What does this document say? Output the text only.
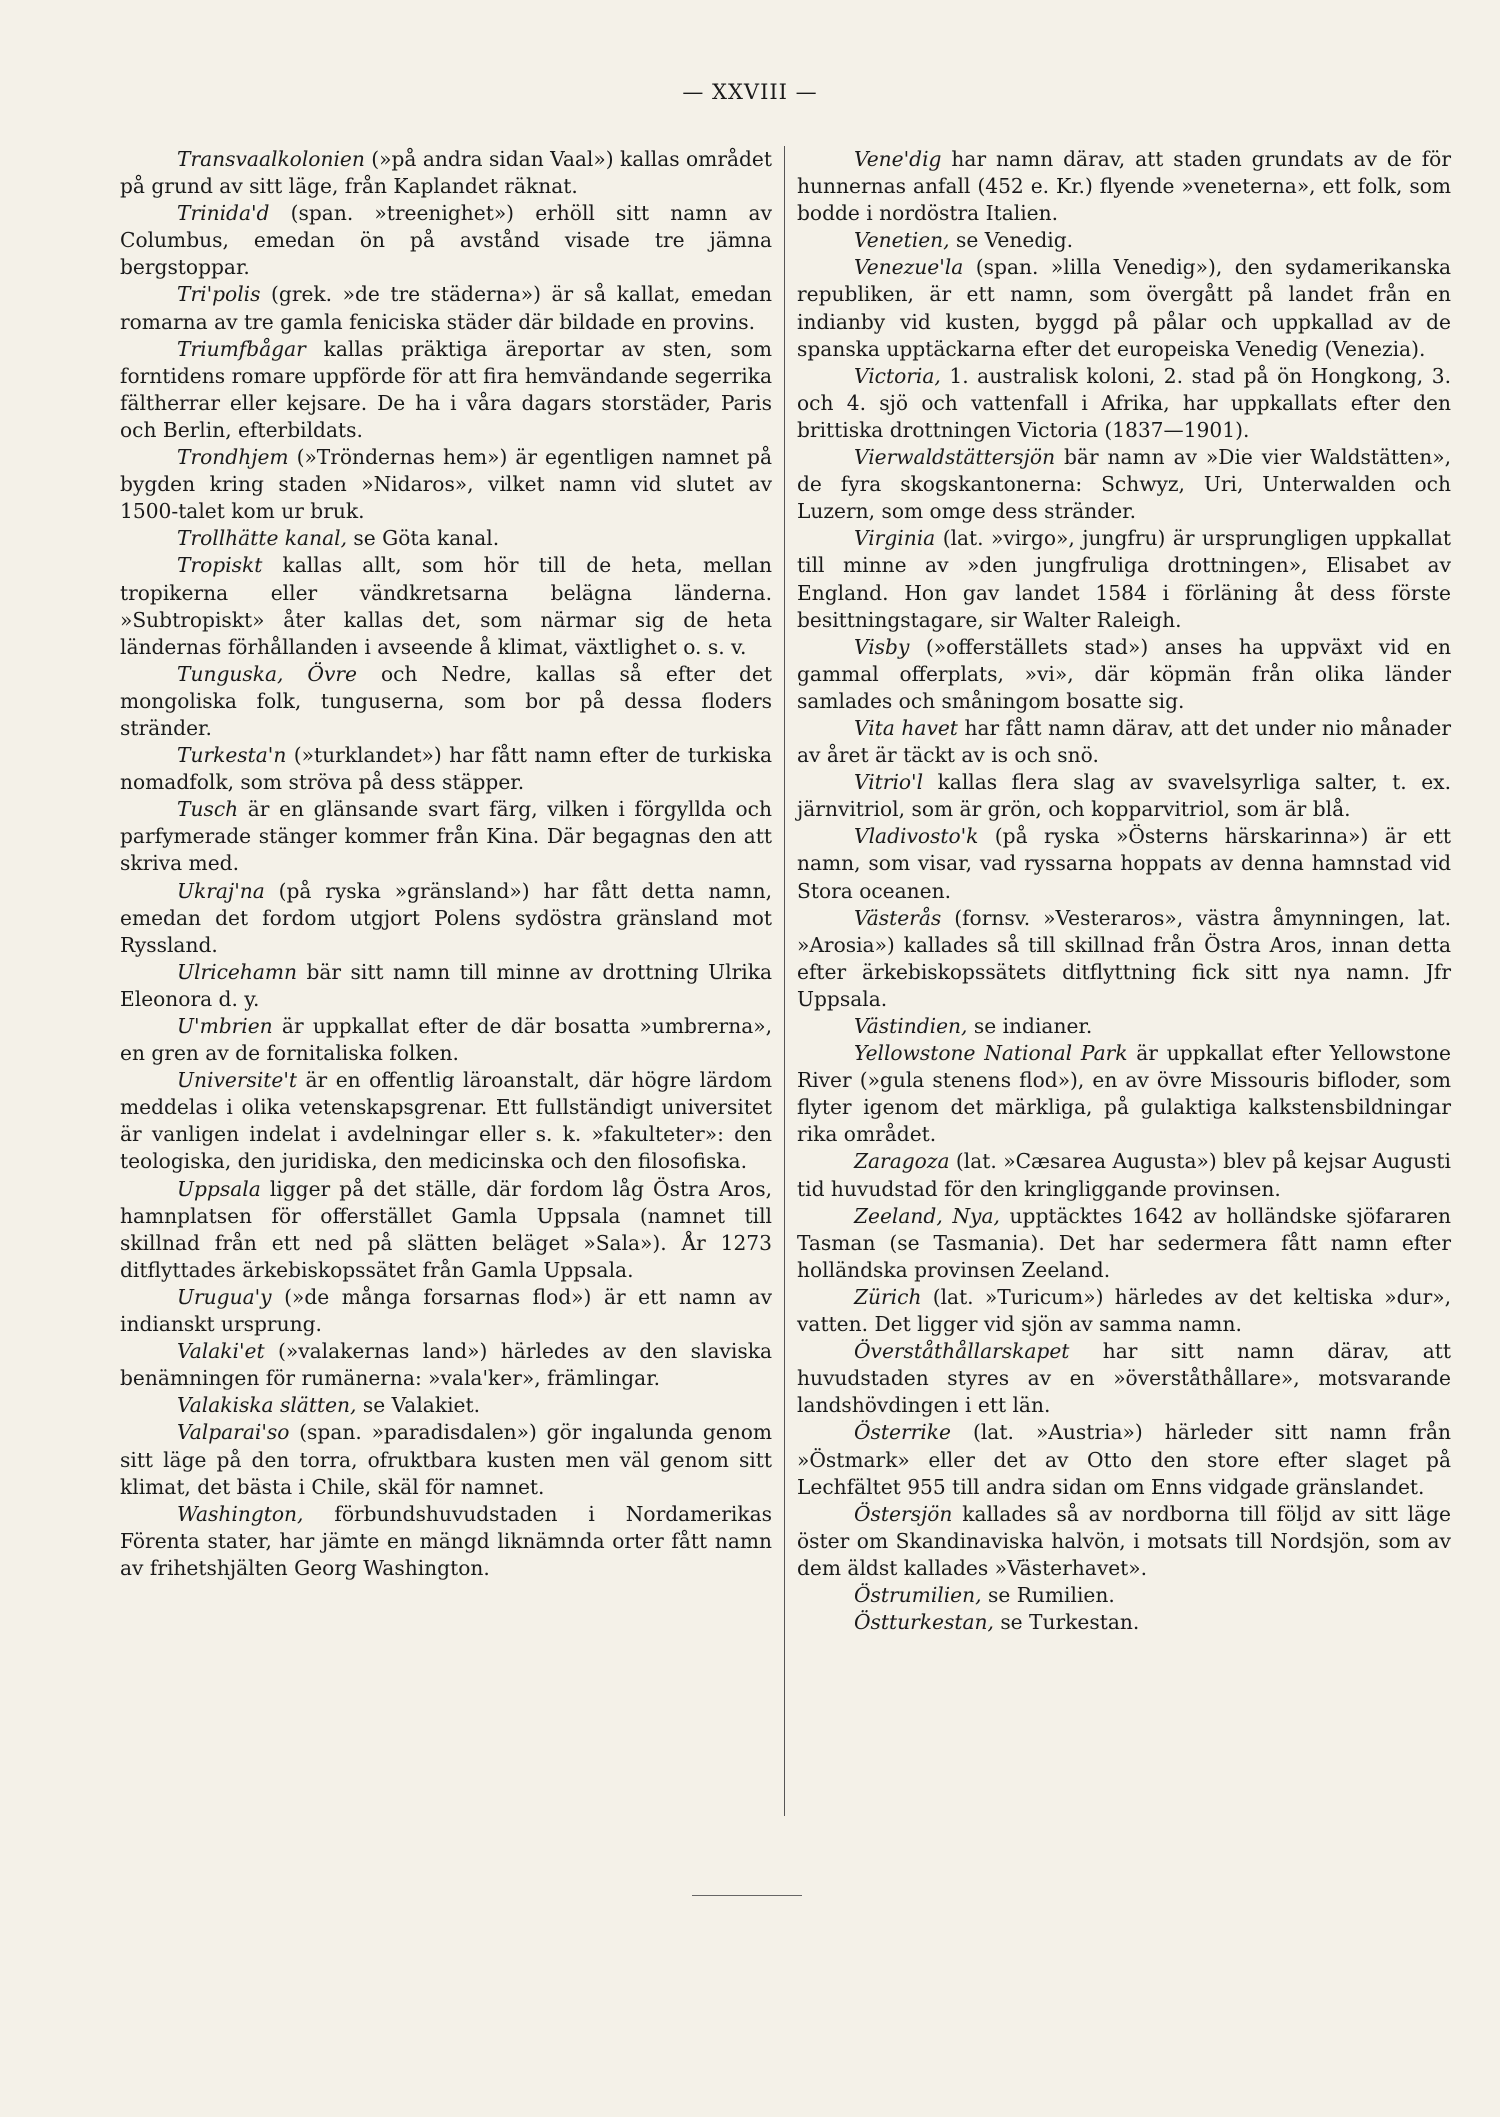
— XXVIII —

Transvaalkolonien (»på andra sidan Vaal») kallas området på grund av sitt läge, från Kaplandet räknat.

Trinida'd (span. »treenighet») erhöll sitt namn av Columbus, emedan ön på avstånd visade tre jämna bergstoppar.

Tri'polis (grek. »de tre städerna») är så kallat, emedan romarna av tre gamla feniciska städer där bildade en provins.

Triumfbågar kallas präktiga äreportar av sten, som forntidens romare uppförde för att fira hemvändande segerrika fältherrar eller kejsare. De ha i våra dagars storstäder, Paris och Berlin, efterbildats.

Trondhjem (»Tröndernas hem») är egentligen namnet på bygden kring staden »Nidaros», vilket namn vid slutet av 1500-talet kom ur bruk.

Trollhätte kanal, se Göta kanal.

Tropiskt kallas allt, som hör till de heta, mellan tropikerna eller vändkretsarna belägna länderna. »Subtropiskt» åter kallas det, som närmar sig de heta ländernas förhållanden i avseende å klimat, växtlighet o. s. v.

Tunguska, Övre och Nedre, kallas så efter det mongoliska folk, tunguserna, som bor på dessa floders stränder.

Turkesta'n (»turklandet») har fått namn efter de turkiska nomadfolk, som ströva på dess stäpper.

Tusch är en glänsande svart färg, vilken i förgyllda och parfymerade stänger kommer från Kina. Där begagnas den att skriva med.

Ukraj'na (på ryska »gränsland») har fått detta namn, emedan det fordom utgjort Polens sydöstra gränsland mot Ryssland.

Ulricehamn bär sitt namn till minne av drottning Ulrika Eleonora d. y.

U'mbrien är uppkallat efter de där bosatta »umbrerna», en gren av de fornitaliska folken.

Universite't är en offentlig läroanstalt, där högre lärdom meddelas i olika vetenskapsgrenar. Ett fullständigt universitet är vanligen indelat i avdelningar eller s. k. »fakulteter»: den teologiska, den juridiska, den medicinska och den filosofiska.

Uppsala ligger på det ställe, där fordom låg Östra Aros, hamnplatsen för offerstället Gamla Uppsala (namnet till skillnad från ett ned på slätten beläget »Sala»). År 1273 ditflyttades ärkebiskopssätet från Gamla Uppsala.

Urugua'y (»de många forsarnas flod») är ett namn av indianskt ursprung.

Valaki'et (»valakernas land») härledes av den slaviska benämningen för rumänerna: »vala'ker», främlingar.

Valakiska slätten, se Valakiet.

Valparai'so (span. »paradisdalen») gör ingalunda genom sitt läge på den torra, ofruktbara kusten men väl genom sitt klimat, det bästa i Chile, skäl för namnet.

Washington, förbundshuvudstaden i Nordamerikas Förenta stater, har jämte en mängd liknämnda orter fått namn av frihetshjälten Georg Washington.

Vene'dig har namn därav, att staden grundats av de för hunnernas anfall (452 e. Kr.) flyende »veneterna», ett folk, som bodde i nordöstra Italien.

Venetien, se Venedig.

Venezue'la (span. »lilla Venedig»), den sydamerikanska republiken, är ett namn, som övergått på landet från en indianby vid kusten, byggd på pålar och uppkallad av de spanska upptäckarna efter det europeiska Venedig (Venezia).

Victoria, 1. australisk koloni, 2. stad på ön Hongkong, 3. och 4. sjö och vattenfall i Afrika, har uppkallats efter den brittiska drottningen Victoria (1837—1901).

Vierwaldstättersjön bär namn av »Die vier Waldstätten», de fyra skogskantonerna: Schwyz, Uri, Unterwalden och Luzern, som omge dess stränder.

Virginia (lat. »virgo», jungfru) är ursprungligen uppkallat till minne av »den jungfruliga drottningen», Elisabet av England. Hon gav landet 1584 i förläning åt dess förste besittningstagare, sir Walter Raleigh.

Visby (»offerställets stad») anses ha uppväxt vid en gammal offerplats, »vi», där köpmän från olika länder samlades och småningom bosatte sig.

Vita havet har fått namn därav, att det under nio månader av året är täckt av is och snö.

Vitrio'l kallas flera slag av svavelsyrliga salter, t. ex. järnvitriol, som är grön, och kopparvitriol, som är blå.

Vladivosto'k (på ryska »Österns härskarinna») är ett namn, som visar, vad ryssarna hoppats av denna hamnstad vid Stora oceanen.

Västerås (fornsv. »Vesteraros», västra åmynningen, lat. »Arosia») kallades så till skillnad från Östra Aros, innan detta efter ärkebiskopssätets ditflyttning fick sitt nya namn. Jfr Uppsala.

Västindien, se indianer.

Yellowstone National Park är uppkallat efter Yellowstone River (»gula stenens flod»), en av övre Missouris bifloder, som flyter igenom det märkliga, på gulaktiga kalkstensbildningar rika området.

Zaragoza (lat. »Cæsarea Augusta») blev på kejsar Augusti tid huvudstad för den kringliggande provinsen.

Zeeland, Nya, upptäcktes 1642 av holländske sjöfararen Tasman (se Tasmania). Det har sedermera fått namn efter holländska provinsen Zeeland.

Zürich (lat. »Turicum») härledes av det keltiska »dur», vatten. Det ligger vid sjön av samma namn.

Överståthållarskapet har sitt namn därav, att huvudstaden styres av en »överståthållare», motsvarande landshövdingen i ett län.

Österrike (lat. »Austria») härleder sitt namn från »Östmark» eller det av Otto den store efter slaget på Lechfältet 955 till andra sidan om Enns vidgade gränslandet.

Östersjön kallades så av nordborna till följd av sitt läge öster om Skandinaviska halvön, i motsats till Nordsjön, som av dem äldst kallades »Västerhavet».

Östrumilien, se Rumilien.

Östturkestan, se Turkestan.
